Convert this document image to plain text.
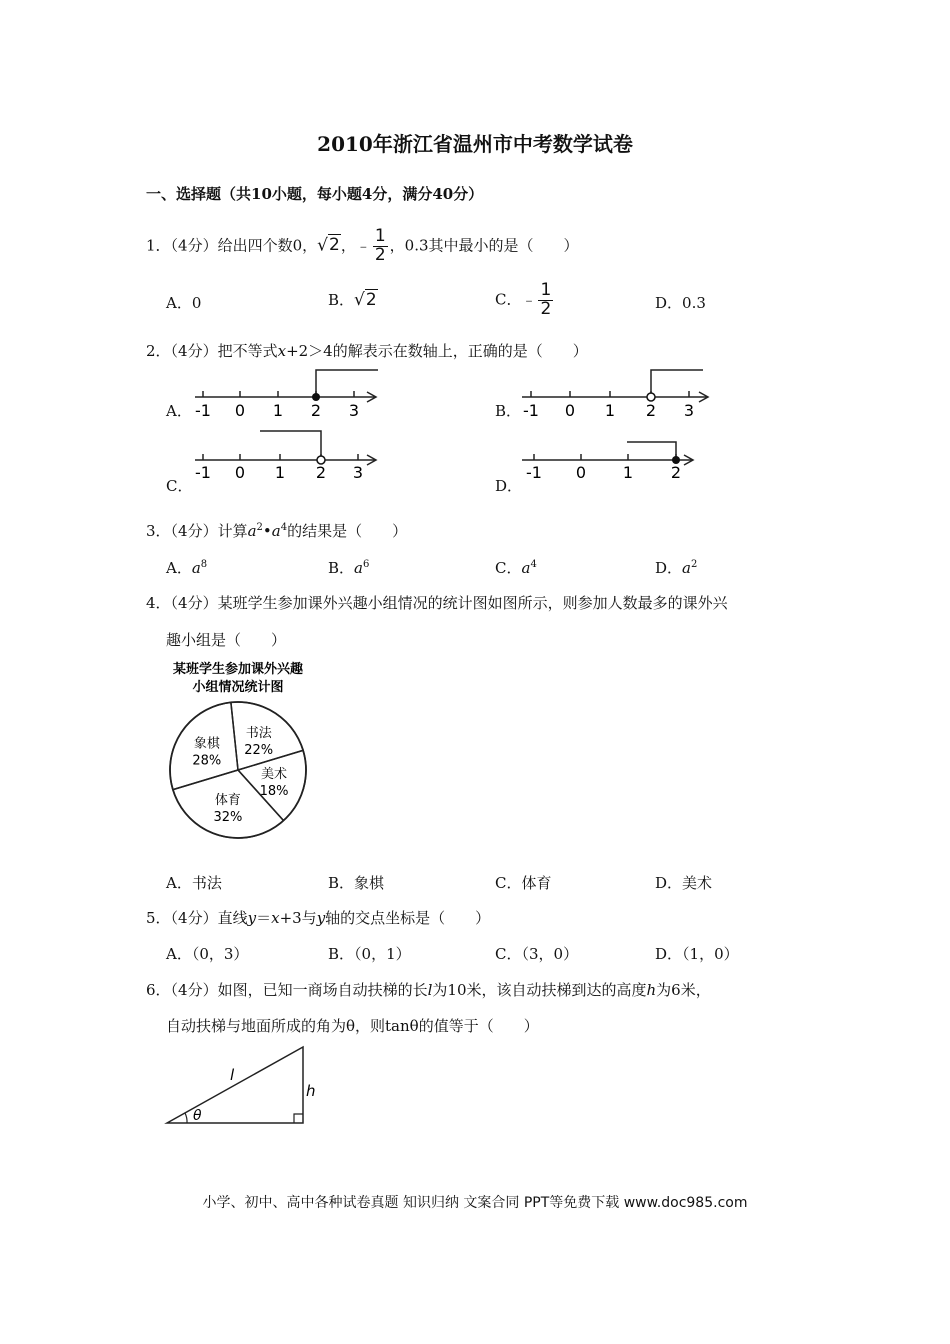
2010年浙江省温州市中考数学试卷
一、选择题（共10小题，每小题4分，满分40分）
1．（4分）给出四个数0，√2，﹣ $\frac{1}{2}$ ，0.3其中最小的是（　　）
A．0	B．√2	C．﹣ $\frac{1}{2}$	D．0.3
2．（4分）把不等式x+2＞4的解表示在数轴上，正确的是（　　）
A． -1 0 1 2 3	B． -1 0 1 2 3
C．
-1 0 1 2 3
D．
-1 0 1 2
3．（4分）计算$a^2•a^4$的结果是（　　）
A．$a^8$	B．$a^6$	C．$a^4$	D．$a^2$
4．（4分）某班学生参加课外兴趣小组情况的统计图如图所示，则参加人数最多的课外兴
趣小组是（　　）
某班学生参加课外兴趣
小组情况统计图
书法
22%
美术
18%
体育
32%
象棋
28%
A．书法	B．象棋	C．体育	D．美术
5．（4分）直线y＝x+3与y轴的交点坐标是（　　）
A．（0，3）	B．（0，1）	C．（3，0）	D．（1，0）
6．（4分）如图，已知一商场自动扶梯的长l为10米，该自动扶梯到达的高度h为6米，
自动扶梯与地面所成的角为θ，则tanθ的值等于（　　）
l
h
θ
小学、初中、高中各种试卷真题 知识归纳 文案合同 PPT等免费下载 www.doc985.com
